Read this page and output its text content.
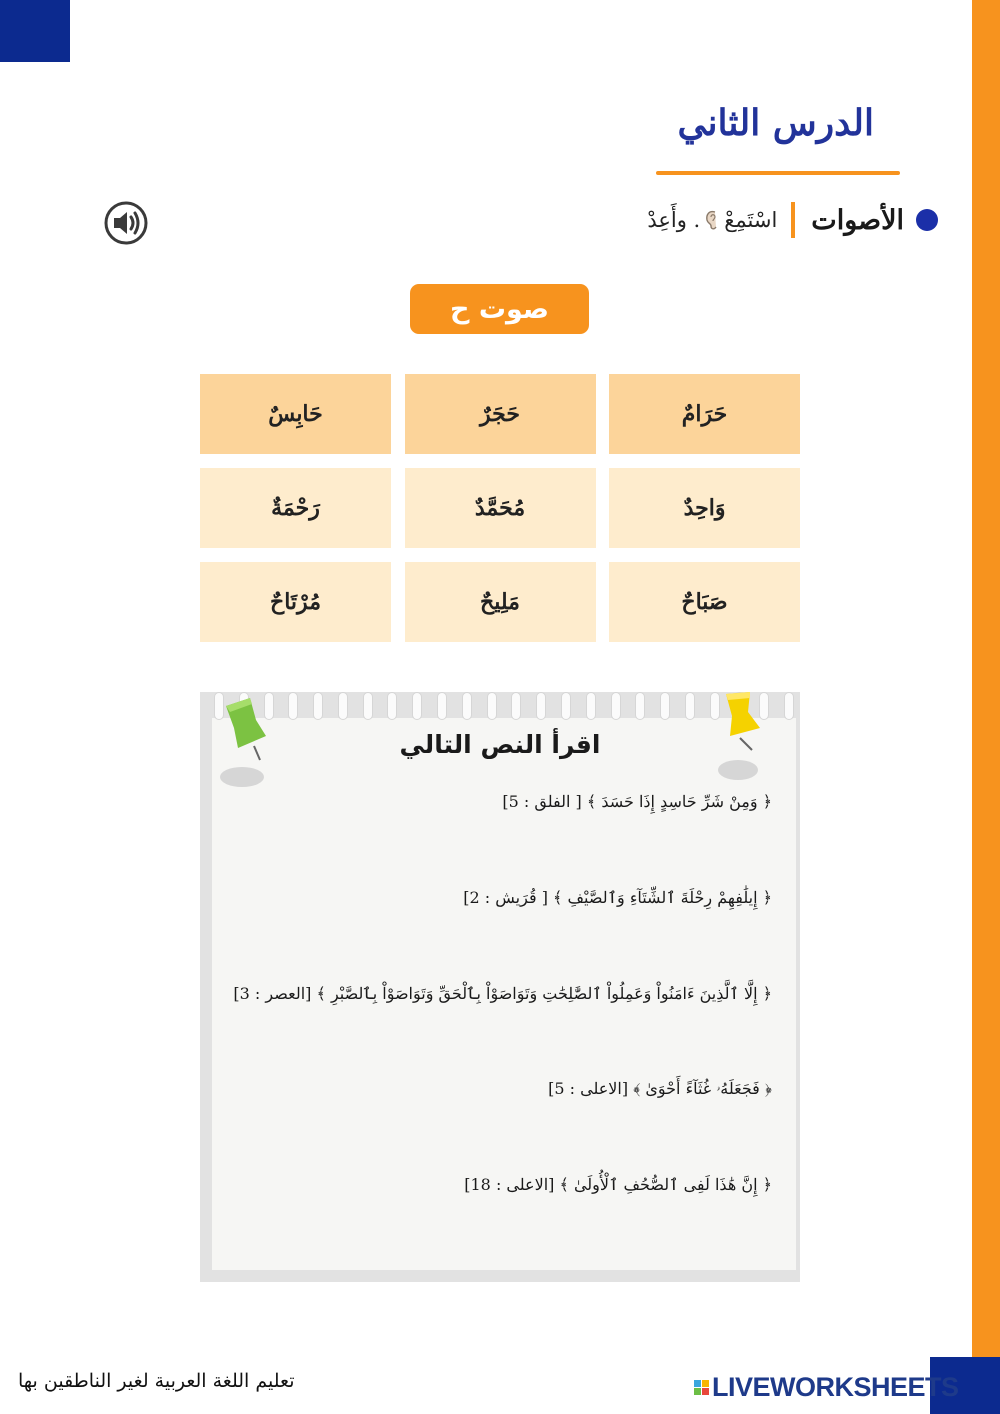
الدرس الثاني
الأصوات
اسْتَمِعْ
وأَعِدْ .
صوت ح
حَرَامٌ
حَجَرٌ
حَابِسٌ
وَاحِدٌ
مُحَمَّدٌ
رَحْمَةٌ
صَبَاحٌ
مَلِيحٌ
مُرْتَاحٌ
اقرأ النص التالي
﴿ وَمِنْ شَرِّ حَاسِدٍ إِذَا حَسَدَ ﴾ [ الفلق : 5]
﴿ إِيلَٰفِهِمْ رِحْلَةَ ٱلشِّتَآءِ وَٱلصَّيْفِ ﴾ [ قُرَيش : 2]
﴿ إِلَّا ٱلَّذِينَ ءَامَنُواْ وَعَمِلُواْ ٱلصَّٰلِحَٰتِ وَتَوَاصَوْاْ بِٱلْحَقِّ وَتَوَاصَوْاْ بِٱلصَّبْرِ ﴾ [العصر : 3]
﴿ فَجَعَلَهُۥ غُثَآءً أَحْوَىٰ ﴾ [الاعلى : 5]
﴿ إِنَّ هَٰذَا لَفِى ٱلصُّحُفِ ٱلْأُولَىٰ ﴾ [الاعلى : 18]
تعليم اللغة العربية لغير الناطقين بها	LIVEWORKSHEETS
